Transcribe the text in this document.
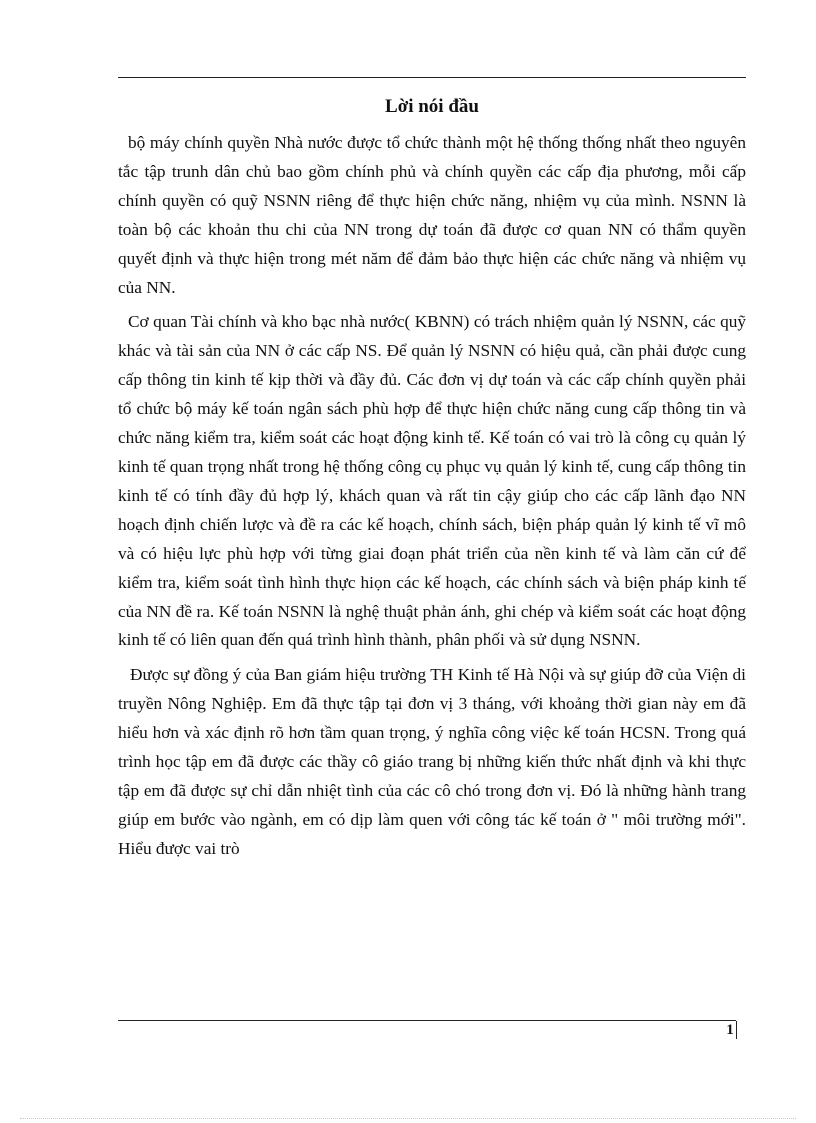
Lời nói đầu

bộ máy chính quyền Nhà nước được tổ chức thành một hệ thống thống nhất theo nguyên tắc tập trunh dân chủ bao gồm chính phủ và chính quyền các cấp địa phương, mỗi cấp chính quyền có quỹ NSNN riêng để thực hiện chức năng, nhiệm vụ của mình. NSNN là toàn bộ các khoản thu chi của NN trong dự toán đã được cơ quan NN có thẩm quyền quyết định và thực hiện trong mét năm để đảm bảo thực hiện các chức năng và nhiệm vụ của NN.

Cơ quan Tài chính và kho bạc nhà nước( KBNN) có trách nhiệm quản lý NSNN, các quỹ khác và tài sản của NN ở các cấp NS. Để quản lý NSNN có hiệu quả, cần phải được cung cấp thông tin kinh tế kịp thời và đầy đủ. Các đơn vị dự toán và các cấp chính quyền phải tổ chức bộ máy kế toán ngân sách phù hợp để thực hiện chức năng cung cấp thông tin và chức năng kiểm tra, kiểm soát các hoạt động kinh tế. Kế toán có vai trò là công cụ quản lý kinh tế quan trọng nhất trong hệ thống công cụ phục vụ quản lý kinh tế, cung cấp thông tin kinh tế có tính đầy đủ hợp lý, khách quan và rất tin cậy giúp cho các cấp lãnh đạo NN hoạch định chiến lược và đề ra các kế hoạch, chính sách, biện pháp quản lý kinh tế vĩ mô và có hiệu lực phù hợp với từng giai đoạn phát triển của nền kinh tế và làm căn cứ để kiểm tra, kiểm soát tình hình thực hiọn các kế hoạch, các chính sách và biện pháp kinh tế của NN đề ra. Kế toán NSNN là nghệ thuật phản ánh, ghi chép và kiểm soát các hoạt động kinh tế có liên quan đến quá trình hình thành, phân phối và sử dụng NSNN.

Được sự đồng ý của Ban giám hiệu trường TH Kinh tế Hà Nội và sự giúp đỡ của Viện di truyền Nông Nghiệp. Em đã thực tập tại đơn vị 3 tháng, với khoảng thời gian này em đã hiểu hơn và xác định rõ hơn tầm quan trọng, ý nghĩa công việc kế toán HCSN. Trong quá trình học tập em đã được các thầy cô giáo trang bị những kiến thức nhất định và khi thực tập em đã được sự chỉ dẫn nhiệt tình của các cô chó trong đơn vị. Đó là những hành trang giúp em bước vào ngành, em có dịp làm quen với công tác kế toán ở " môi trường mới". Hiểu được vai trò

1
